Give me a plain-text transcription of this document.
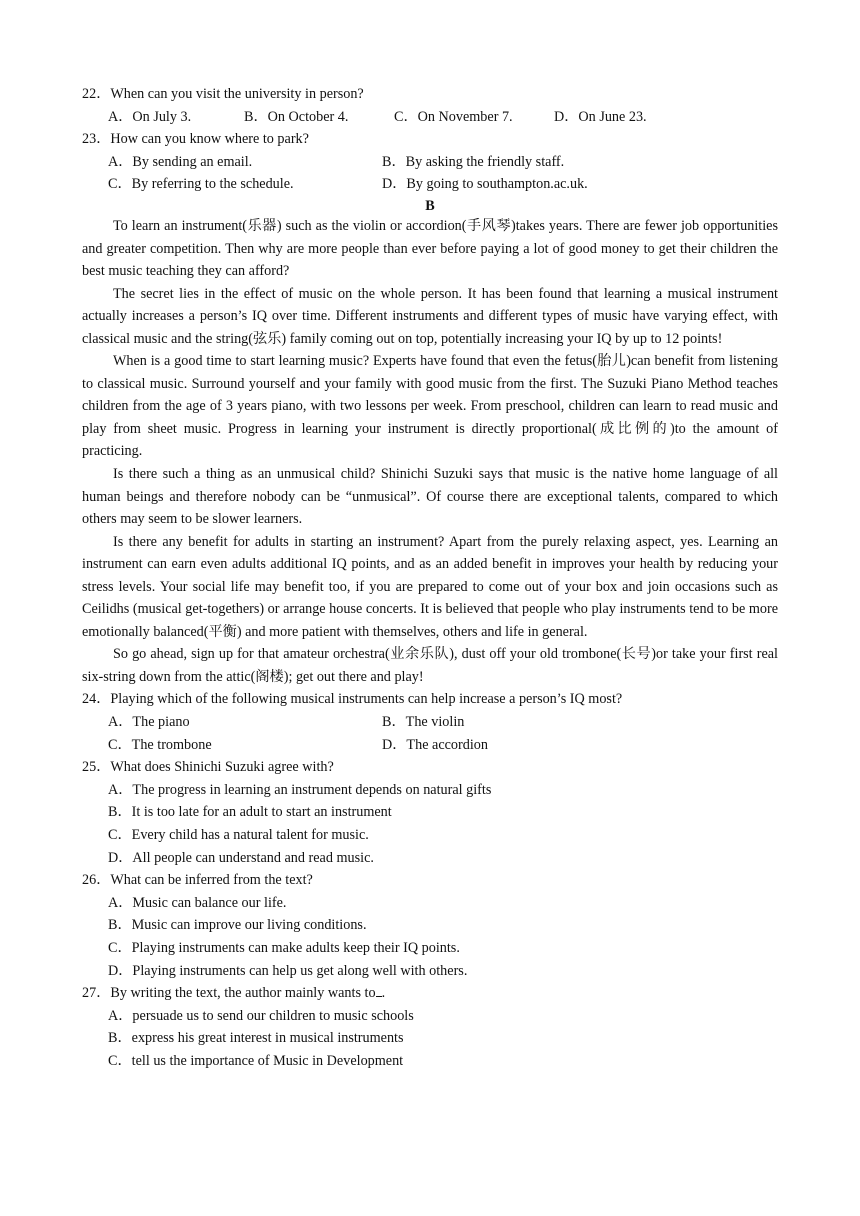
22．When can you visit the university in person?
A．On July 3.	B．On October 4.	C．On November 7.	D．On June 23.
23．How can you know where to park?
A．By sending an email.	B．By asking the friendly staff.
C．By referring to the schedule.	D．By going to southampton.ac.uk.
B

To learn an instrument(乐器) such as the violin or accordion(手风琴)takes years. There are fewer job opportunities and greater competition. Then why are more people than ever before paying a lot of good money to get their children the best music teaching they can afford?

The secret lies in the effect of music on the whole person. It has been found that learning a musical instrument actually increases a person’s IQ over time. Different instruments and different types of music have varying effect, with classical music and the string(弦乐) family coming out on top, potentially increasing your IQ by up to 12 points!

When is a good time to start learning music? Experts have found that even the fetus(胎儿)can benefit from listening to classical music. Surround yourself and your family with good music from the first. The Suzuki Piano Method teaches children from the age of 3 years piano, with two lessons per week. From preschool, children can learn to read music and play from sheet music. Progress in learning your instrument is directly proportional(成比例的)to the amount of practicing.

Is there such a thing as an unmusical child? Shinichi Suzuki says that music is the native home language of all human beings and therefore nobody can be “unmusical”. Of course there are exceptional talents, compared to which others may seem to be slower learners.

Is there any benefit for adults in starting an instrument? Apart from the purely relaxing aspect, yes. Learning an instrument can earn even adults additional IQ points, and as an added benefit in improves your health by reducing your stress levels. Your social life may benefit too, if you are prepared to come out of your box and join occasions such as Ceilidhs (musical get-togethers) or arrange house concerts. It is believed that people who play instruments tend to be more emotionally balanced(平衡) and more patient with themselves, others and life in general.

So go ahead, sign up for that amateur orchestra(业余乐队), dust off your old trombone(长号)or take your first real six-string down from the attic(阁楼); get out there and play!

24．Playing which of the following musical instruments can help increase a person’s IQ most?
A．The piano	B．The violin
C．The trombone	D．The accordion
25．What does Shinichi Suzuki agree with?
A．The progress in learning an instrument depends on natural gifts
B．It is too late for an adult to start an instrument
C．Every child has a natural talent for music.
D．All people can understand and read music.
26．What can be inferred from the text?
A．Music can balance our life.
B．Music can improve our living conditions.
C．Playing instruments can make adults keep their IQ points.
D．Playing instruments can help us get along well with others.
27．By writing the text, the author mainly wants to .
A．persuade us to send our children to music schools
B．express his great interest in musical instruments
C．tell us the importance of Music in Development
